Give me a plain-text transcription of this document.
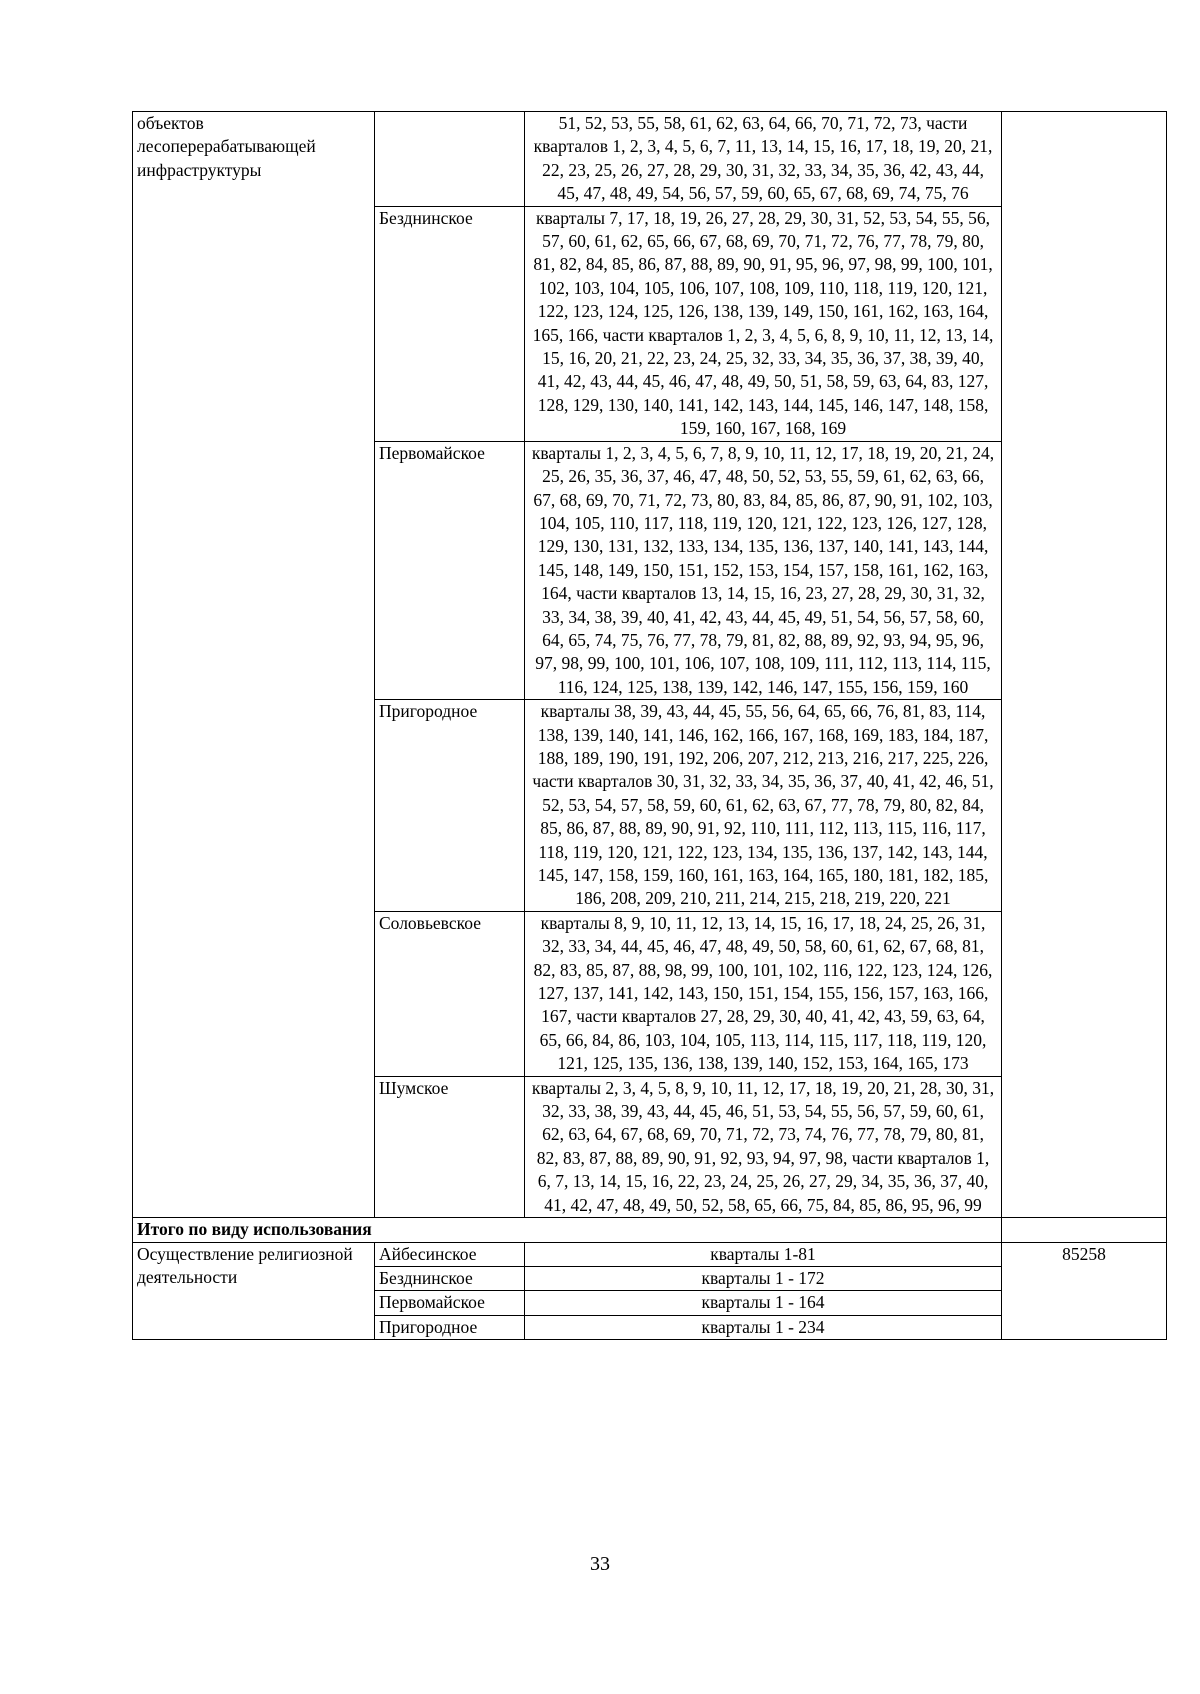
объектов лесоперерабатывающей инфраструктуры		51, 52, 53, 55, 58, 61, 62, 63, 64, 66, 70, 71, 72, 73, части кварталов 1, 2, 3, 4, 5, 6, 7, 11, 13, 14, 15, 16, 17, 18, 19, 20, 21, 22, 23, 25, 26, 27, 28, 29, 30, 31, 32, 33, 34, 35, 36, 42, 43, 44, 45, 47, 48, 49, 54, 56, 57, 59, 60, 65, 67, 68, 69, 74, 75, 76	
	Безднинское	кварталы 7, 17, 18, 19, 26, 27, 28, 29, 30, 31, 52, 53, 54, 55, 56, 57, 60, 61, 62, 65, 66, 67, 68, 69, 70, 71, 72, 76, 77, 78, 79, 80, 81, 82, 84, 85, 86, 87, 88, 89, 90, 91, 95, 96, 97, 98, 99, 100, 101, 102, 103, 104, 105, 106, 107, 108, 109, 110, 118, 119, 120, 121, 122, 123, 124, 125, 126, 138, 139, 149, 150, 161, 162, 163, 164, 165, 166, части кварталов 1, 2, 3, 4, 5, 6, 8, 9, 10, 11, 12, 13, 14, 15, 16, 20, 21, 22, 23, 24, 25, 32, 33, 34, 35, 36, 37, 38, 39, 40, 41, 42, 43, 44, 45, 46, 47, 48, 49, 50, 51, 58, 59, 63, 64, 83, 127, 128, 129, 130, 140, 141, 142, 143, 144, 145, 146, 147, 148, 158, 159, 160, 167, 168, 169	
	Первомайское	кварталы 1, 2, 3, 4, 5, 6, 7, 8, 9, 10, 11, 12, 17, 18, 19, 20, 21, 24, 25, 26, 35, 36, 37, 46, 47, 48, 50, 52, 53, 55, 59, 61, 62, 63, 66, 67, 68, 69, 70, 71, 72, 73, 80, 83, 84, 85, 86, 87, 90, 91, 102, 103, 104, 105, 110, 117, 118, 119, 120, 121, 122, 123, 126, 127, 128, 129, 130, 131, 132, 133, 134, 135, 136, 137, 140, 141, 143, 144, 145, 148, 149, 150, 151, 152, 153, 154, 157, 158, 161, 162, 163, 164, части кварталов 13, 14, 15, 16, 23, 27, 28, 29, 30, 31, 32, 33, 34, 38, 39, 40, 41, 42, 43, 44, 45, 49, 51, 54, 56, 57, 58, 60, 64, 65, 74, 75, 76, 77, 78, 79, 81, 82, 88, 89, 92, 93, 94, 95, 96, 97, 98, 99, 100, 101, 106, 107, 108, 109, 111, 112, 113, 114, 115, 116, 124, 125, 138, 139, 142, 146, 147, 155, 156, 159, 160	
	Пригородное	кварталы 38, 39, 43, 44, 45, 55, 56, 64, 65, 66, 76, 81, 83, 114, 138, 139, 140, 141, 146, 162, 166, 167, 168, 169, 183, 184, 187, 188, 189, 190, 191, 192, 206, 207, 212, 213, 216, 217, 225, 226, части кварталов 30, 31, 32, 33, 34, 35, 36, 37, 40, 41, 42, 46, 51, 52, 53, 54, 57, 58, 59, 60, 61, 62, 63, 67, 77, 78, 79, 80, 82, 84, 85, 86, 87, 88, 89, 90, 91, 92, 110, 111, 112, 113, 115, 116, 117, 118, 119, 120, 121, 122, 123, 134, 135, 136, 137, 142, 143, 144, 145, 147, 158, 159, 160, 161, 163, 164, 165, 180, 181, 182, 185, 186, 208, 209, 210, 211, 214, 215, 218, 219, 220, 221	
	Соловьевское	кварталы 8, 9, 10, 11, 12, 13, 14, 15, 16, 17, 18, 24, 25, 26, 31, 32, 33, 34, 44, 45, 46, 47, 48, 49, 50, 58, 60, 61, 62, 67, 68, 81, 82, 83, 85, 87, 88, 98, 99, 100, 101, 102, 116, 122, 123, 124, 126, 127, 137, 141, 142, 143, 150, 151, 154, 155, 156, 157, 163, 166, 167, части кварталов 27, 28, 29, 30, 40, 41, 42, 43, 59, 63, 64, 65, 66, 84, 86, 103, 104, 105, 113, 114, 115, 117, 118, 119, 120, 121, 125, 135, 136, 138, 139, 140, 152, 153, 164, 165, 173	
	Шумское	кварталы 2, 3, 4, 5, 8, 9, 10, 11, 12, 17, 18, 19, 20, 21, 28, 30, 31, 32, 33, 38, 39, 43, 44, 45, 46, 51, 53, 54, 55, 56, 57, 59, 60, 61, 62, 63, 64, 67, 68, 69, 70, 71, 72, 73, 74, 76, 77, 78, 79, 80, 81, 82, 83, 87, 88, 89, 90, 91, 92, 93, 94, 97, 98, части кварталов 1, 6, 7, 13, 14, 15, 16, 22, 23, 24, 25, 26, 27, 29, 34, 35, 36, 37, 40, 41, 42, 47, 48, 49, 50, 52, 58, 65, 66, 75, 84, 85, 86, 95, 96, 99	
Итого по виду использования			
Осуществление религиозной деятельности	Айбесинское	кварталы 1-81	85258
	Безднинское	кварталы 1 - 172	
	Первомайское	кварталы 1 - 164	
	Пригородное	кварталы 1 - 234	
33
